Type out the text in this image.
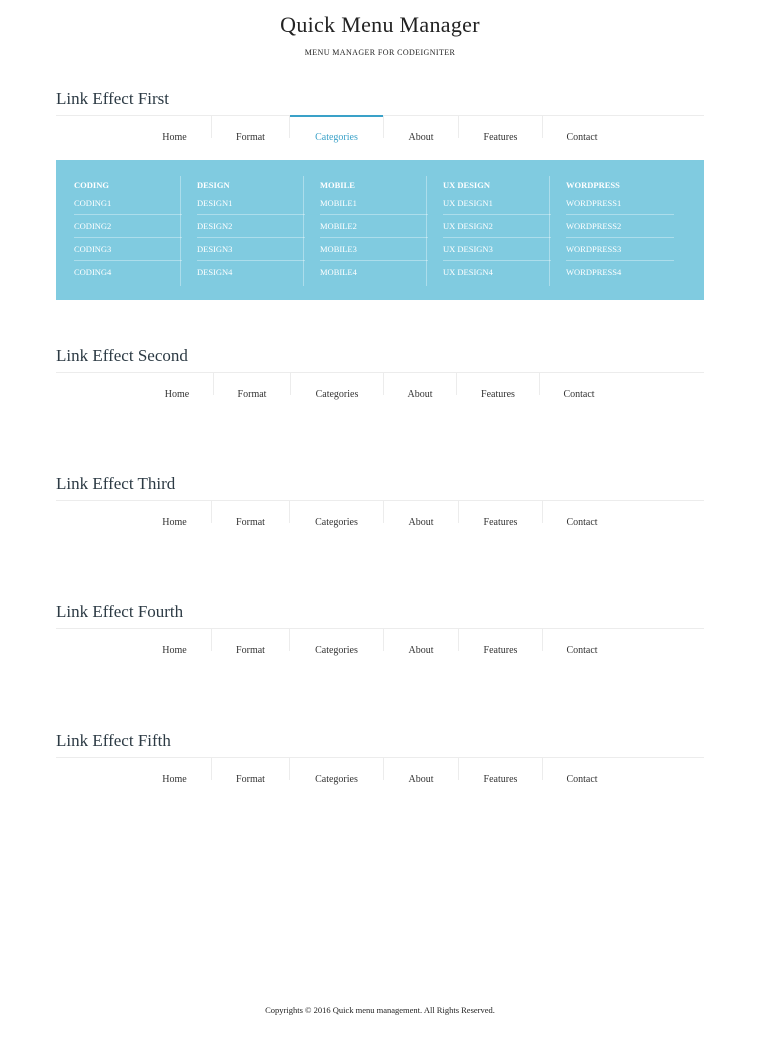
Quick Menu Manager
MENU MANAGER FOR CODEIGNITER
Link Effect First
Home	Format	Categories	About	Features	Contact
CODING
CODING1
CODING2
CODING3
CODING4
DESIGN
DESIGN1
DESIGN2
DESIGN3
DESIGN4
MOBILE
MOBILE1
MOBILE2
MOBILE3
MOBILE4
UX DESIGN
UX DESIGN1
UX DESIGN2
UX DESIGN3
UX DESIGN4
WORDPRESS
WORDPRESS1
WORDPRESS2
WORDPRESS3
WORDPRESS4
Link Effect Second
Home	Format	Categories	About	Features	Contact
Link Effect Third
Home	Format	Categories	About	Features	Contact
Link Effect Fourth
Home	Format	Categories	About	Features	Contact
Link Effect Fifth
Home	Format	Categories	About	Features	Contact
Copyrights © 2016 Quick menu management. All Rights Reserved.
